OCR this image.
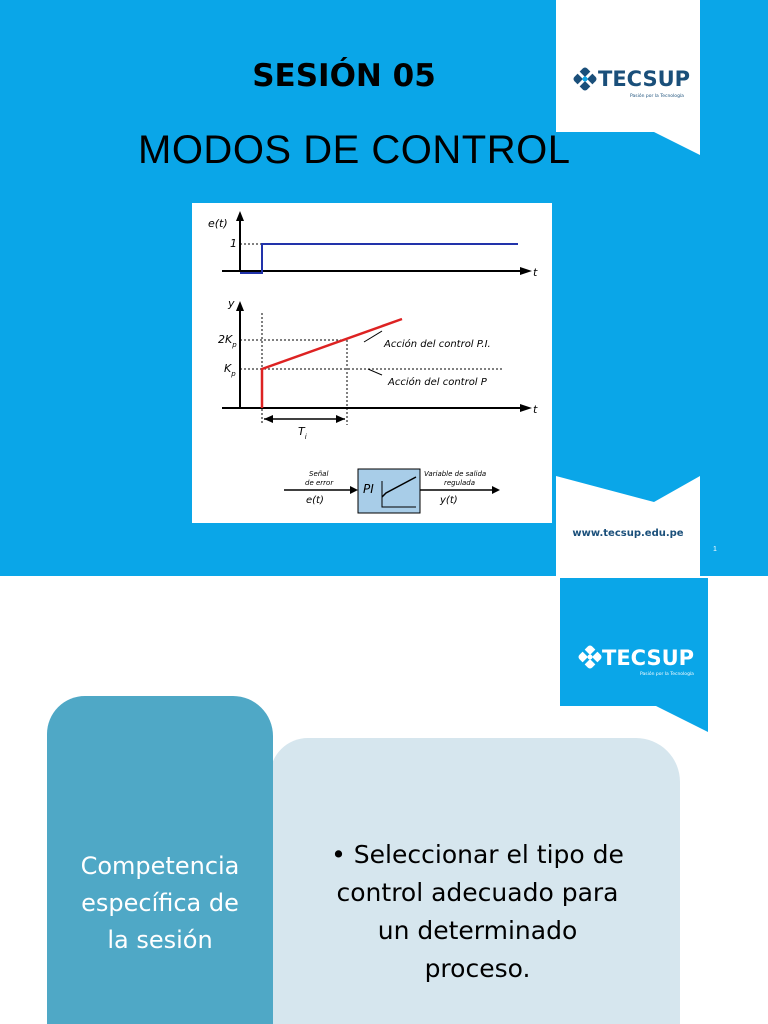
SESIÓN 05
MODOS DE CONTROL
TECSUP
Pasión por la Tecnología
www.tecsup.edu.pe
1
e(t)
t
1
y
t
$2K_p$
$K_p$
Acción del control P.I.
Acción del control P
$T_i$
Señal
de error
e(t)
PI
Variable de salida
regulada
y(t)
TECSUP
Pasión por la Tecnología
Competencia
específica de
la sesión
• Seleccionar el tipo de
control adecuado para
un determinado
proceso.
